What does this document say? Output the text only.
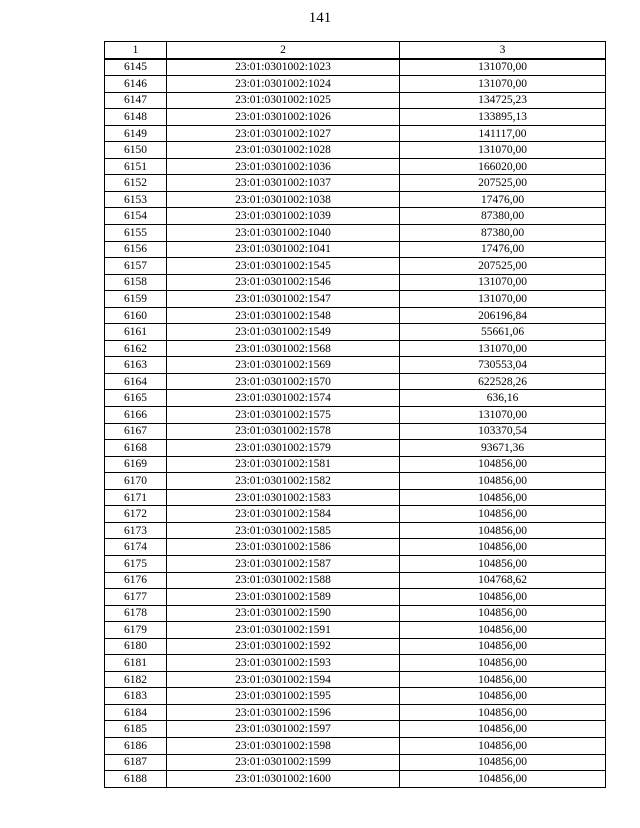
141
1	2	3
6145	23:01:0301002:1023	131070,00
6146	23:01:0301002:1024	131070,00
6147	23:01:0301002:1025	134725,23
6148	23:01:0301002:1026	133895,13
6149	23:01:0301002:1027	141117,00
6150	23:01:0301002:1028	131070,00
6151	23:01:0301002:1036	166020,00
6152	23:01:0301002:1037	207525,00
6153	23:01:0301002:1038	17476,00
6154	23:01:0301002:1039	87380,00
6155	23:01:0301002:1040	87380,00
6156	23:01:0301002:1041	17476,00
6157	23:01:0301002:1545	207525,00
6158	23:01:0301002:1546	131070,00
6159	23:01:0301002:1547	131070,00
6160	23:01:0301002:1548	206196,84
6161	23:01:0301002:1549	55661,06
6162	23:01:0301002:1568	131070,00
6163	23:01:0301002:1569	730553,04
6164	23:01:0301002:1570	622528,26
6165	23:01:0301002:1574	636,16
6166	23:01:0301002:1575	131070,00
6167	23:01:0301002:1578	103370,54
6168	23:01:0301002:1579	93671,36
6169	23:01:0301002:1581	104856,00
6170	23:01:0301002:1582	104856,00
6171	23:01:0301002:1583	104856,00
6172	23:01:0301002:1584	104856,00
6173	23:01:0301002:1585	104856,00
6174	23:01:0301002:1586	104856,00
6175	23:01:0301002:1587	104856,00
6176	23:01:0301002:1588	104768,62
6177	23:01:0301002:1589	104856,00
6178	23:01:0301002:1590	104856,00
6179	23:01:0301002:1591	104856,00
6180	23:01:0301002:1592	104856,00
6181	23:01:0301002:1593	104856,00
6182	23:01:0301002:1594	104856,00
6183	23:01:0301002:1595	104856,00
6184	23:01:0301002:1596	104856,00
6185	23:01:0301002:1597	104856,00
6186	23:01:0301002:1598	104856,00
6187	23:01:0301002:1599	104856,00
6188	23:01:0301002:1600	104856,00
